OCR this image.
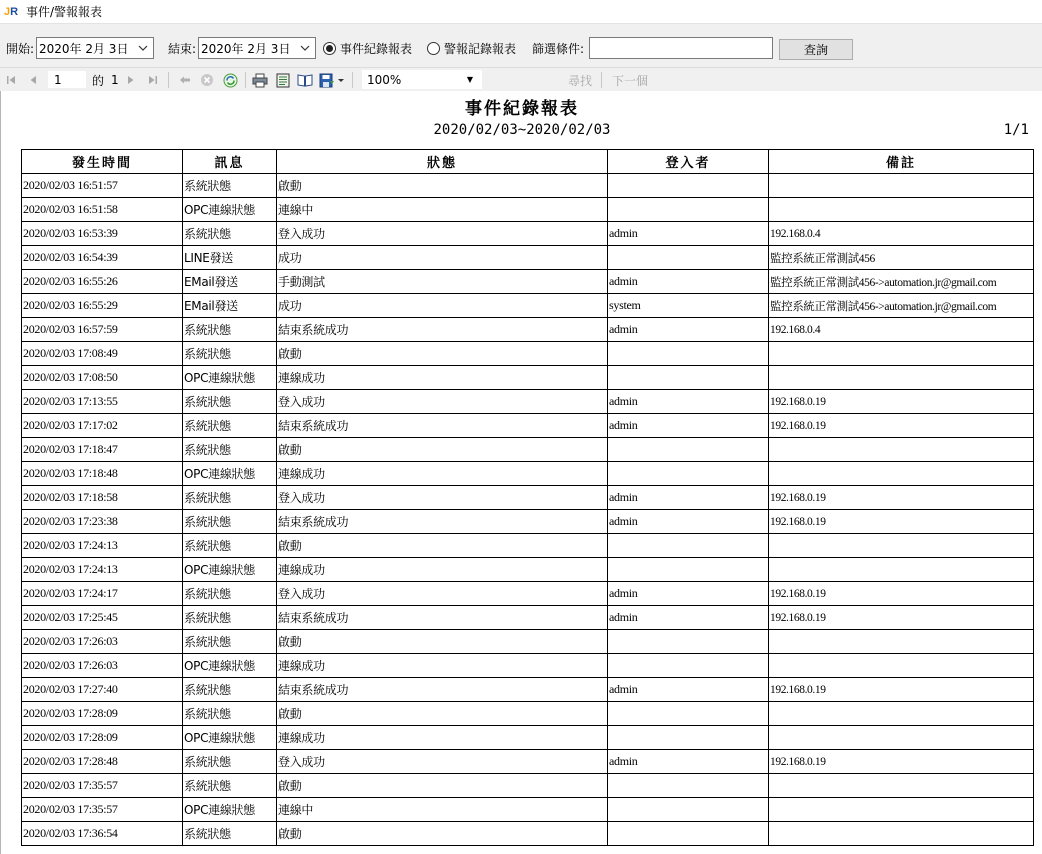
J R 事件/警報報表
開始: 2020年 2月 3日	結束: 2020年 2月 3日	事件紀錄報表	警報記錄報表 篩選條件:	查詢
1	的 1	100%	▼	尋找 下一個
事件紀錄報表
2020/02/03~2020/02/03	1/1
發生時間	訊息	狀態	登入者	備註
2020/02/03 16:51:57	系統狀態	啟動		
2020/02/03 16:51:58	OPC連線狀態	連線中		
2020/02/03 16:53:39	系統狀態	登入成功	admin	192.168.0.4
2020/02/03 16:54:39	LINE發送	成功		監控系統正常測試456
2020/02/03 16:55:26	EMail發送	手動測試	admin	監控系統正常測試456->automation.jr@gmail.com
2020/02/03 16:55:29	EMail發送	成功	system	監控系統正常測試456->automation.jr@gmail.com
2020/02/03 16:57:59	系統狀態	結束系統成功	admin	192.168.0.4
2020/02/03 17:08:49	系統狀態	啟動		
2020/02/03 17:08:50	OPC連線狀態	連線成功		
2020/02/03 17:13:55	系統狀態	登入成功	admin	192.168.0.19
2020/02/03 17:17:02	系統狀態	結束系統成功	admin	192.168.0.19
2020/02/03 17:18:47	系統狀態	啟動		
2020/02/03 17:18:48	OPC連線狀態	連線成功		
2020/02/03 17:18:58	系統狀態	登入成功	admin	192.168.0.19
2020/02/03 17:23:38	系統狀態	結束系統成功	admin	192.168.0.19
2020/02/03 17:24:13	系統狀態	啟動		
2020/02/03 17:24:13	OPC連線狀態	連線成功		
2020/02/03 17:24:17	系統狀態	登入成功	admin	192.168.0.19
2020/02/03 17:25:45	系統狀態	結束系統成功	admin	192.168.0.19
2020/02/03 17:26:03	系統狀態	啟動		
2020/02/03 17:26:03	OPC連線狀態	連線成功		
2020/02/03 17:27:40	系統狀態	結束系統成功	admin	192.168.0.19
2020/02/03 17:28:09	系統狀態	啟動		
2020/02/03 17:28:09	OPC連線狀態	連線成功		
2020/02/03 17:28:48	系統狀態	登入成功	admin	192.168.0.19
2020/02/03 17:35:57	系統狀態	啟動		
2020/02/03 17:35:57	OPC連線狀態	連線中		
2020/02/03 17:36:54	系統狀態	啟動		
